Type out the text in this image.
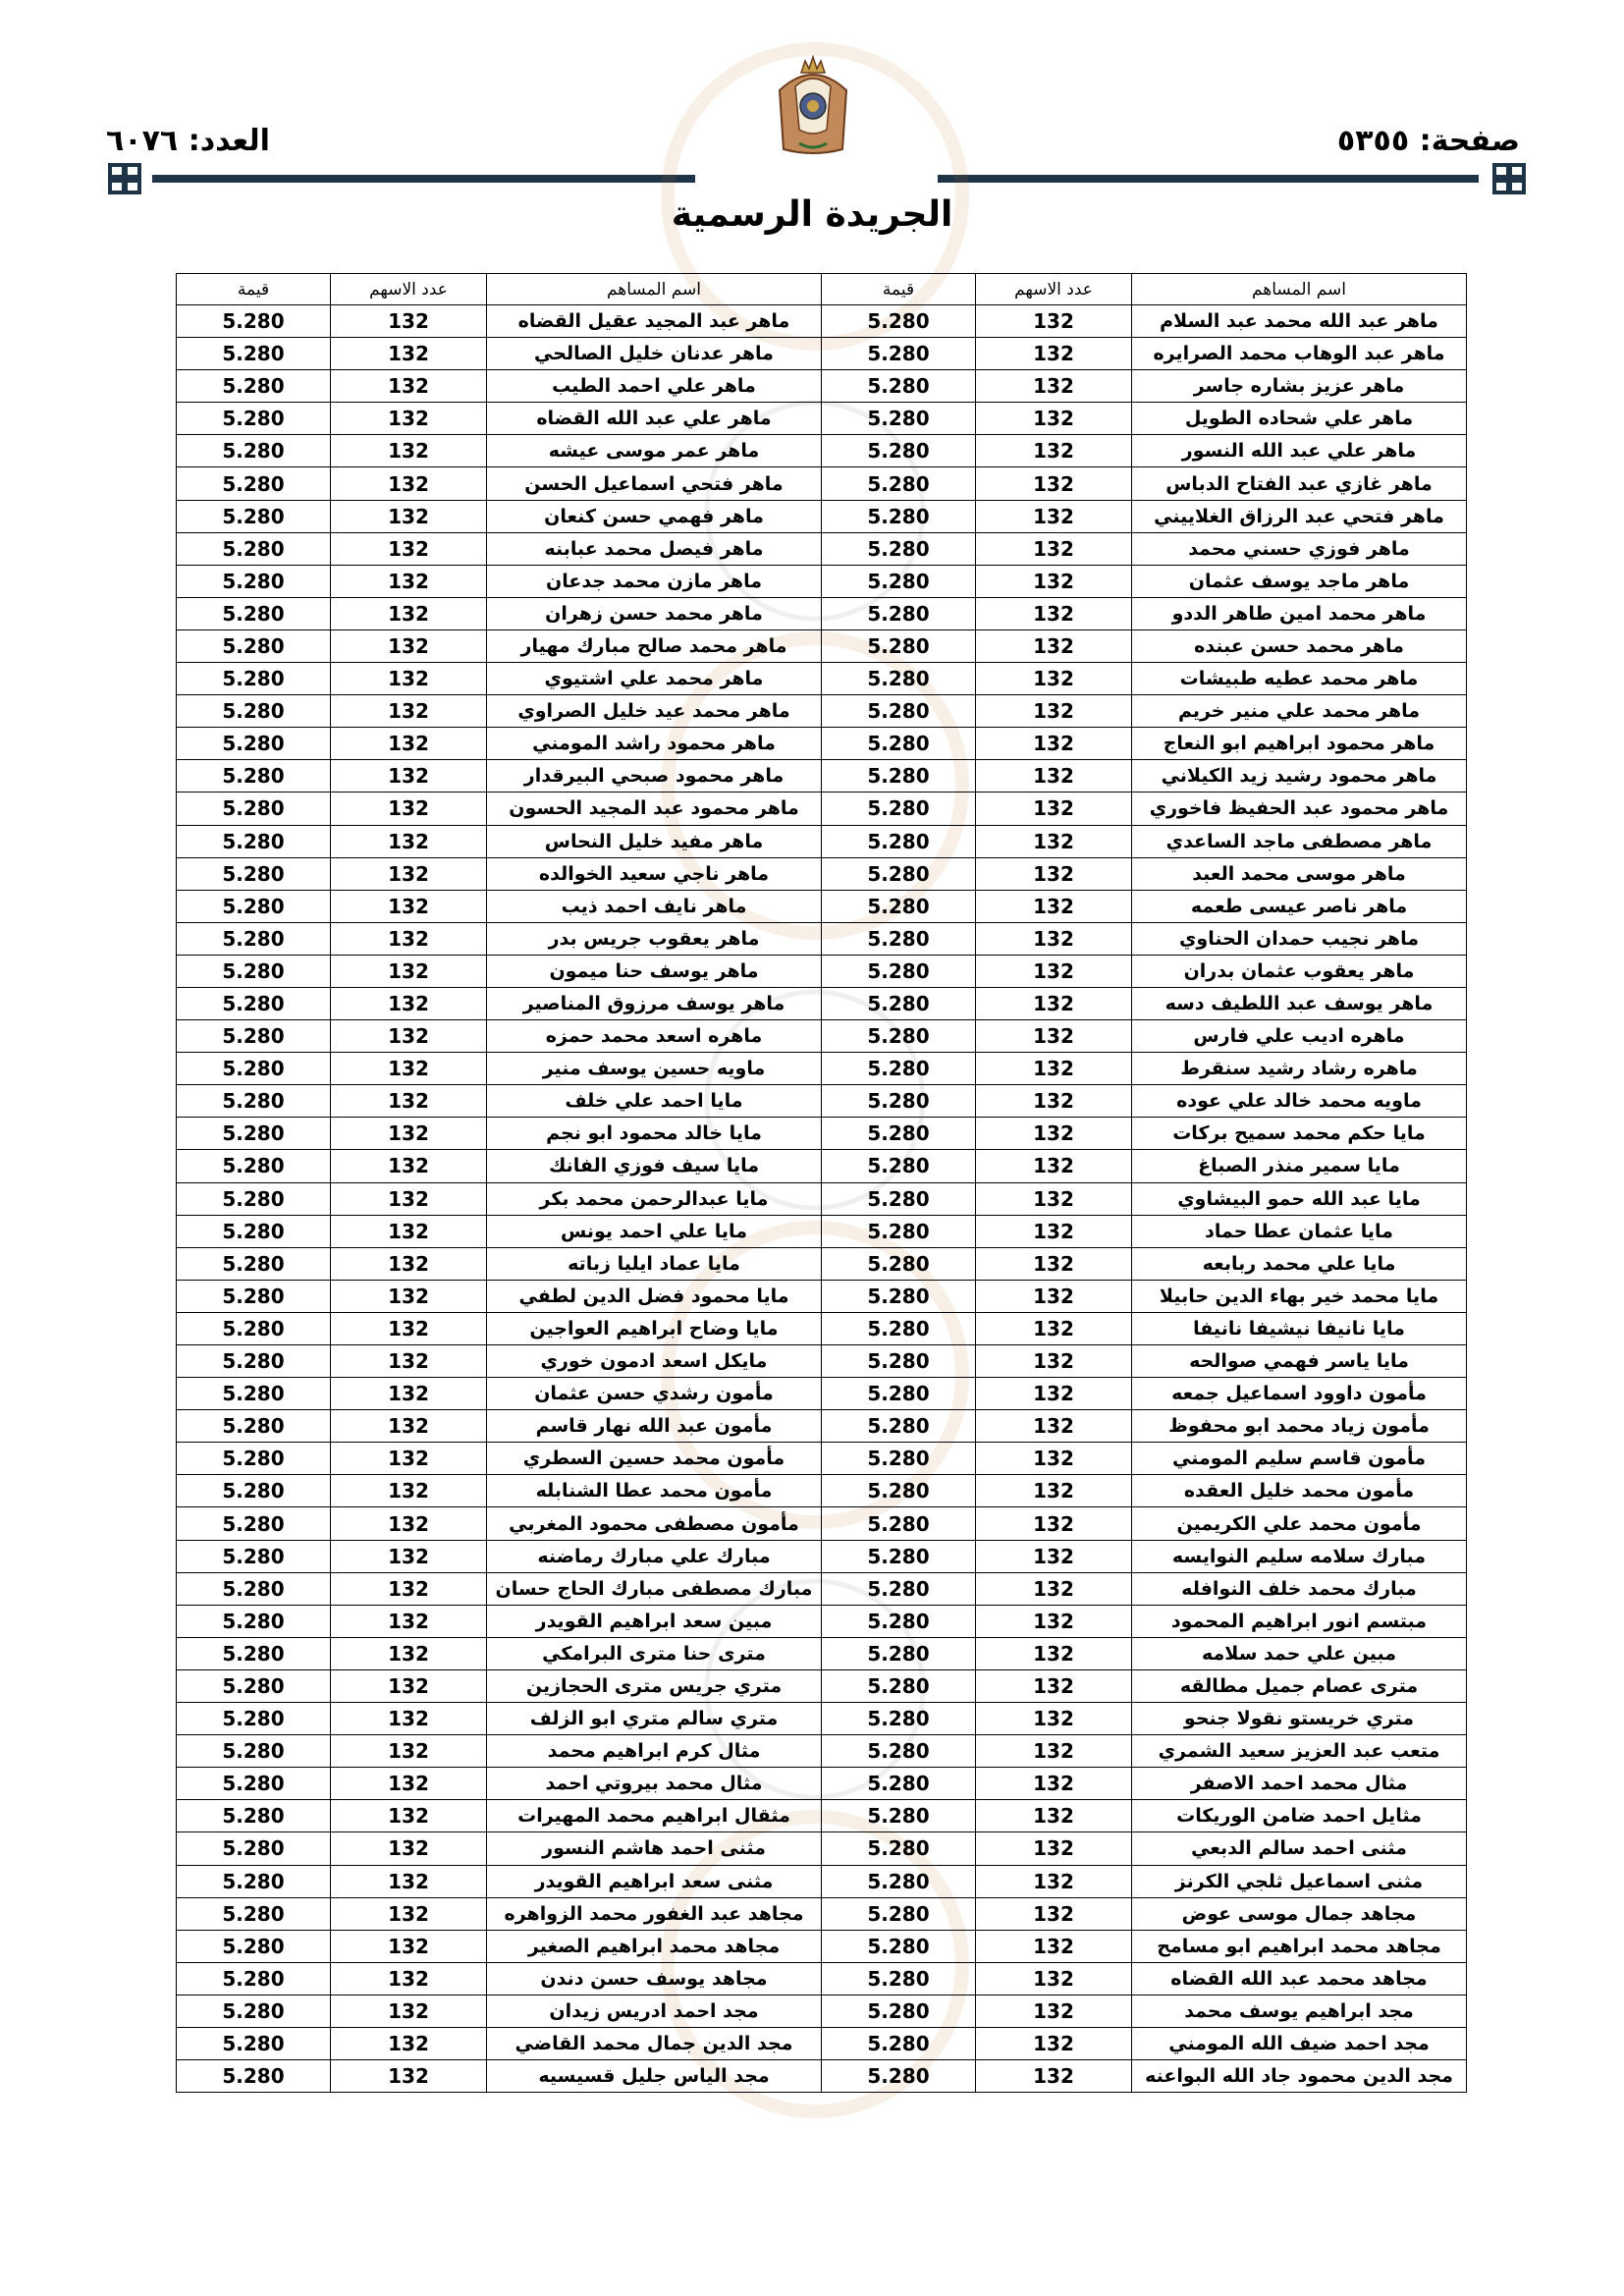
صفحة: ٥٣٥٥
العدد: ٦٠٧٦
الجريدة الرسمية
اسم المساهم	عدد الاسهم	قيمة	اسم المساهم	عدد الاسهم	قيمة
ماهر عبد الله محمد عبد السلام	132	5.280	ماهر عبد المجيد عقيل القضاه	132	5.280
ماهر عبد الوهاب محمد الصرايره	132	5.280	ماهر عدنان خليل الصالحي	132	5.280
ماهر عزيز بشاره جاسر	132	5.280	ماهر علي احمد الطيب	132	5.280
ماهر علي شحاده الطويل	132	5.280	ماهر علي عبد الله القضاه	132	5.280
ماهر علي عبد الله النسور	132	5.280	ماهر عمر موسى عيشه	132	5.280
ماهر غازي عبد الفتاح الدباس	132	5.280	ماهر فتحي اسماعيل الحسن	132	5.280
ماهر فتحي عبد الرزاق الغلاييني	132	5.280	ماهر فهمي حسن كنعان	132	5.280
ماهر فوزي حسني محمد	132	5.280	ماهر فيصل محمد عبابنه	132	5.280
ماهر ماجد يوسف عثمان	132	5.280	ماهر مازن محمد جدعان	132	5.280
ماهر محمد امين طاهر الددو	132	5.280	ماهر محمد حسن زهران	132	5.280
ماهر محمد حسن عبنده	132	5.280	ماهر محمد صالح مبارك مهيار	132	5.280
ماهر محمد عطيه طبيشات	132	5.280	ماهر محمد علي اشتيوي	132	5.280
ماهر محمد علي منير خريم	132	5.280	ماهر محمد عيد خليل الصراوي	132	5.280
ماهر محمود ابراهيم ابو النعاج	132	5.280	ماهر محمود راشد المومني	132	5.280
ماهر محمود رشيد زيد الكيلاني	132	5.280	ماهر محمود صبحي البيرقدار	132	5.280
ماهر محمود عبد الحفيظ فاخوري	132	5.280	ماهر محمود عبد المجيد الحسون	132	5.280
ماهر مصطفى ماجد الساعدي	132	5.280	ماهر مفيد خليل النحاس	132	5.280
ماهر موسى محمد العبد	132	5.280	ماهر ناجي سعيد الخوالده	132	5.280
ماهر ناصر عيسى طعمه	132	5.280	ماهر نايف احمد ذيب	132	5.280
ماهر نجيب حمدان الحناوي	132	5.280	ماهر يعقوب جريس بدر	132	5.280
ماهر يعقوب عثمان بدران	132	5.280	ماهر يوسف حنا ميمون	132	5.280
ماهر يوسف عبد اللطيف دسه	132	5.280	ماهر يوسف مرزوق المناصير	132	5.280
ماهره اديب علي فارس	132	5.280	ماهره اسعد محمد حمزه	132	5.280
ماهره رشاد رشيد سنقرط	132	5.280	ماويه حسين يوسف منير	132	5.280
ماويه محمد خالد علي عوده	132	5.280	مايا احمد علي خلف	132	5.280
مايا حكم محمد سميح بركات	132	5.280	مايا خالد محمود ابو نجم	132	5.280
مايا سمير منذر الصباغ	132	5.280	مايا سيف فوزي الفانك	132	5.280
مايا عبد الله حمو البيشاوي	132	5.280	مايا عبدالرحمن محمد بكر	132	5.280
مايا عثمان عطا حماد	132	5.280	مايا علي احمد يونس	132	5.280
مايا علي محمد ربابعه	132	5.280	مايا عماد ايليا زباته	132	5.280
مايا محمد خير بهاء الدين حابيلا	132	5.280	مايا محمود فضل الدين لطفي	132	5.280
مايا نانيفا نيشيفا نانيفا	132	5.280	مايا وضاح ابراهيم العواجين	132	5.280
مايا ياسر فهمي صوالحه	132	5.280	مايكل اسعد ادمون خوري	132	5.280
مأمون داوود اسماعيل جمعه	132	5.280	مأمون رشدي حسن عثمان	132	5.280
مأمون زياد محمد ابو محفوظ	132	5.280	مأمون عبد الله نهار قاسم	132	5.280
مأمون قاسم سليم المومني	132	5.280	مأمون محمد حسين السطري	132	5.280
مأمون محمد خليل العقده	132	5.280	مأمون محمد عطا الشنابله	132	5.280
مأمون محمد علي الكريمين	132	5.280	مأمون مصطفى محمود المغربي	132	5.280
مبارك سلامه سليم النوايسه	132	5.280	مبارك علي مبارك رماضنه	132	5.280
مبارك محمد خلف النوافله	132	5.280	مبارك مصطفى مبارك الحاج حسان	132	5.280
مبتسم انور ابراهيم المحمود	132	5.280	مبين سعد ابراهيم القويدر	132	5.280
مبين علي حمد سلامه	132	5.280	مترى حنا مترى البرامكي	132	5.280
مترى عصام جميل مطالقه	132	5.280	متري جريس مترى الحجازين	132	5.280
متري خريستو نقولا جنحو	132	5.280	متري سالم متري ابو الزلف	132	5.280
متعب عبد العزيز سعيد الشمري	132	5.280	مثال كرم ابراهيم محمد	132	5.280
مثال محمد احمد الاصفر	132	5.280	مثال محمد بيروتي احمد	132	5.280
مثايل احمد ضامن الوريكات	132	5.280	مثقال ابراهيم محمد المهيرات	132	5.280
مثنى احمد سالم الدبعي	132	5.280	مثنى احمد هاشم النسور	132	5.280
مثنى اسماعيل ثلجي الكرنز	132	5.280	مثنى سعد ابراهيم القويدر	132	5.280
مجاهد جمال موسى عوض	132	5.280	مجاهد عبد الغفور محمد الزواهره	132	5.280
مجاهد محمد ابراهيم ابو مسامح	132	5.280	مجاهد محمد ابراهيم الصغير	132	5.280
مجاهد محمد عبد الله القضاه	132	5.280	مجاهد يوسف حسن دندن	132	5.280
مجد ابراهيم يوسف محمد	132	5.280	مجد احمد ادريس زيدان	132	5.280
مجد احمد ضيف الله المومني	132	5.280	مجد الدين جمال محمد القاضي	132	5.280
مجد الدين محمود جاد الله البواعنه	132	5.280	مجد الياس جليل قسيسيه	132	5.280
